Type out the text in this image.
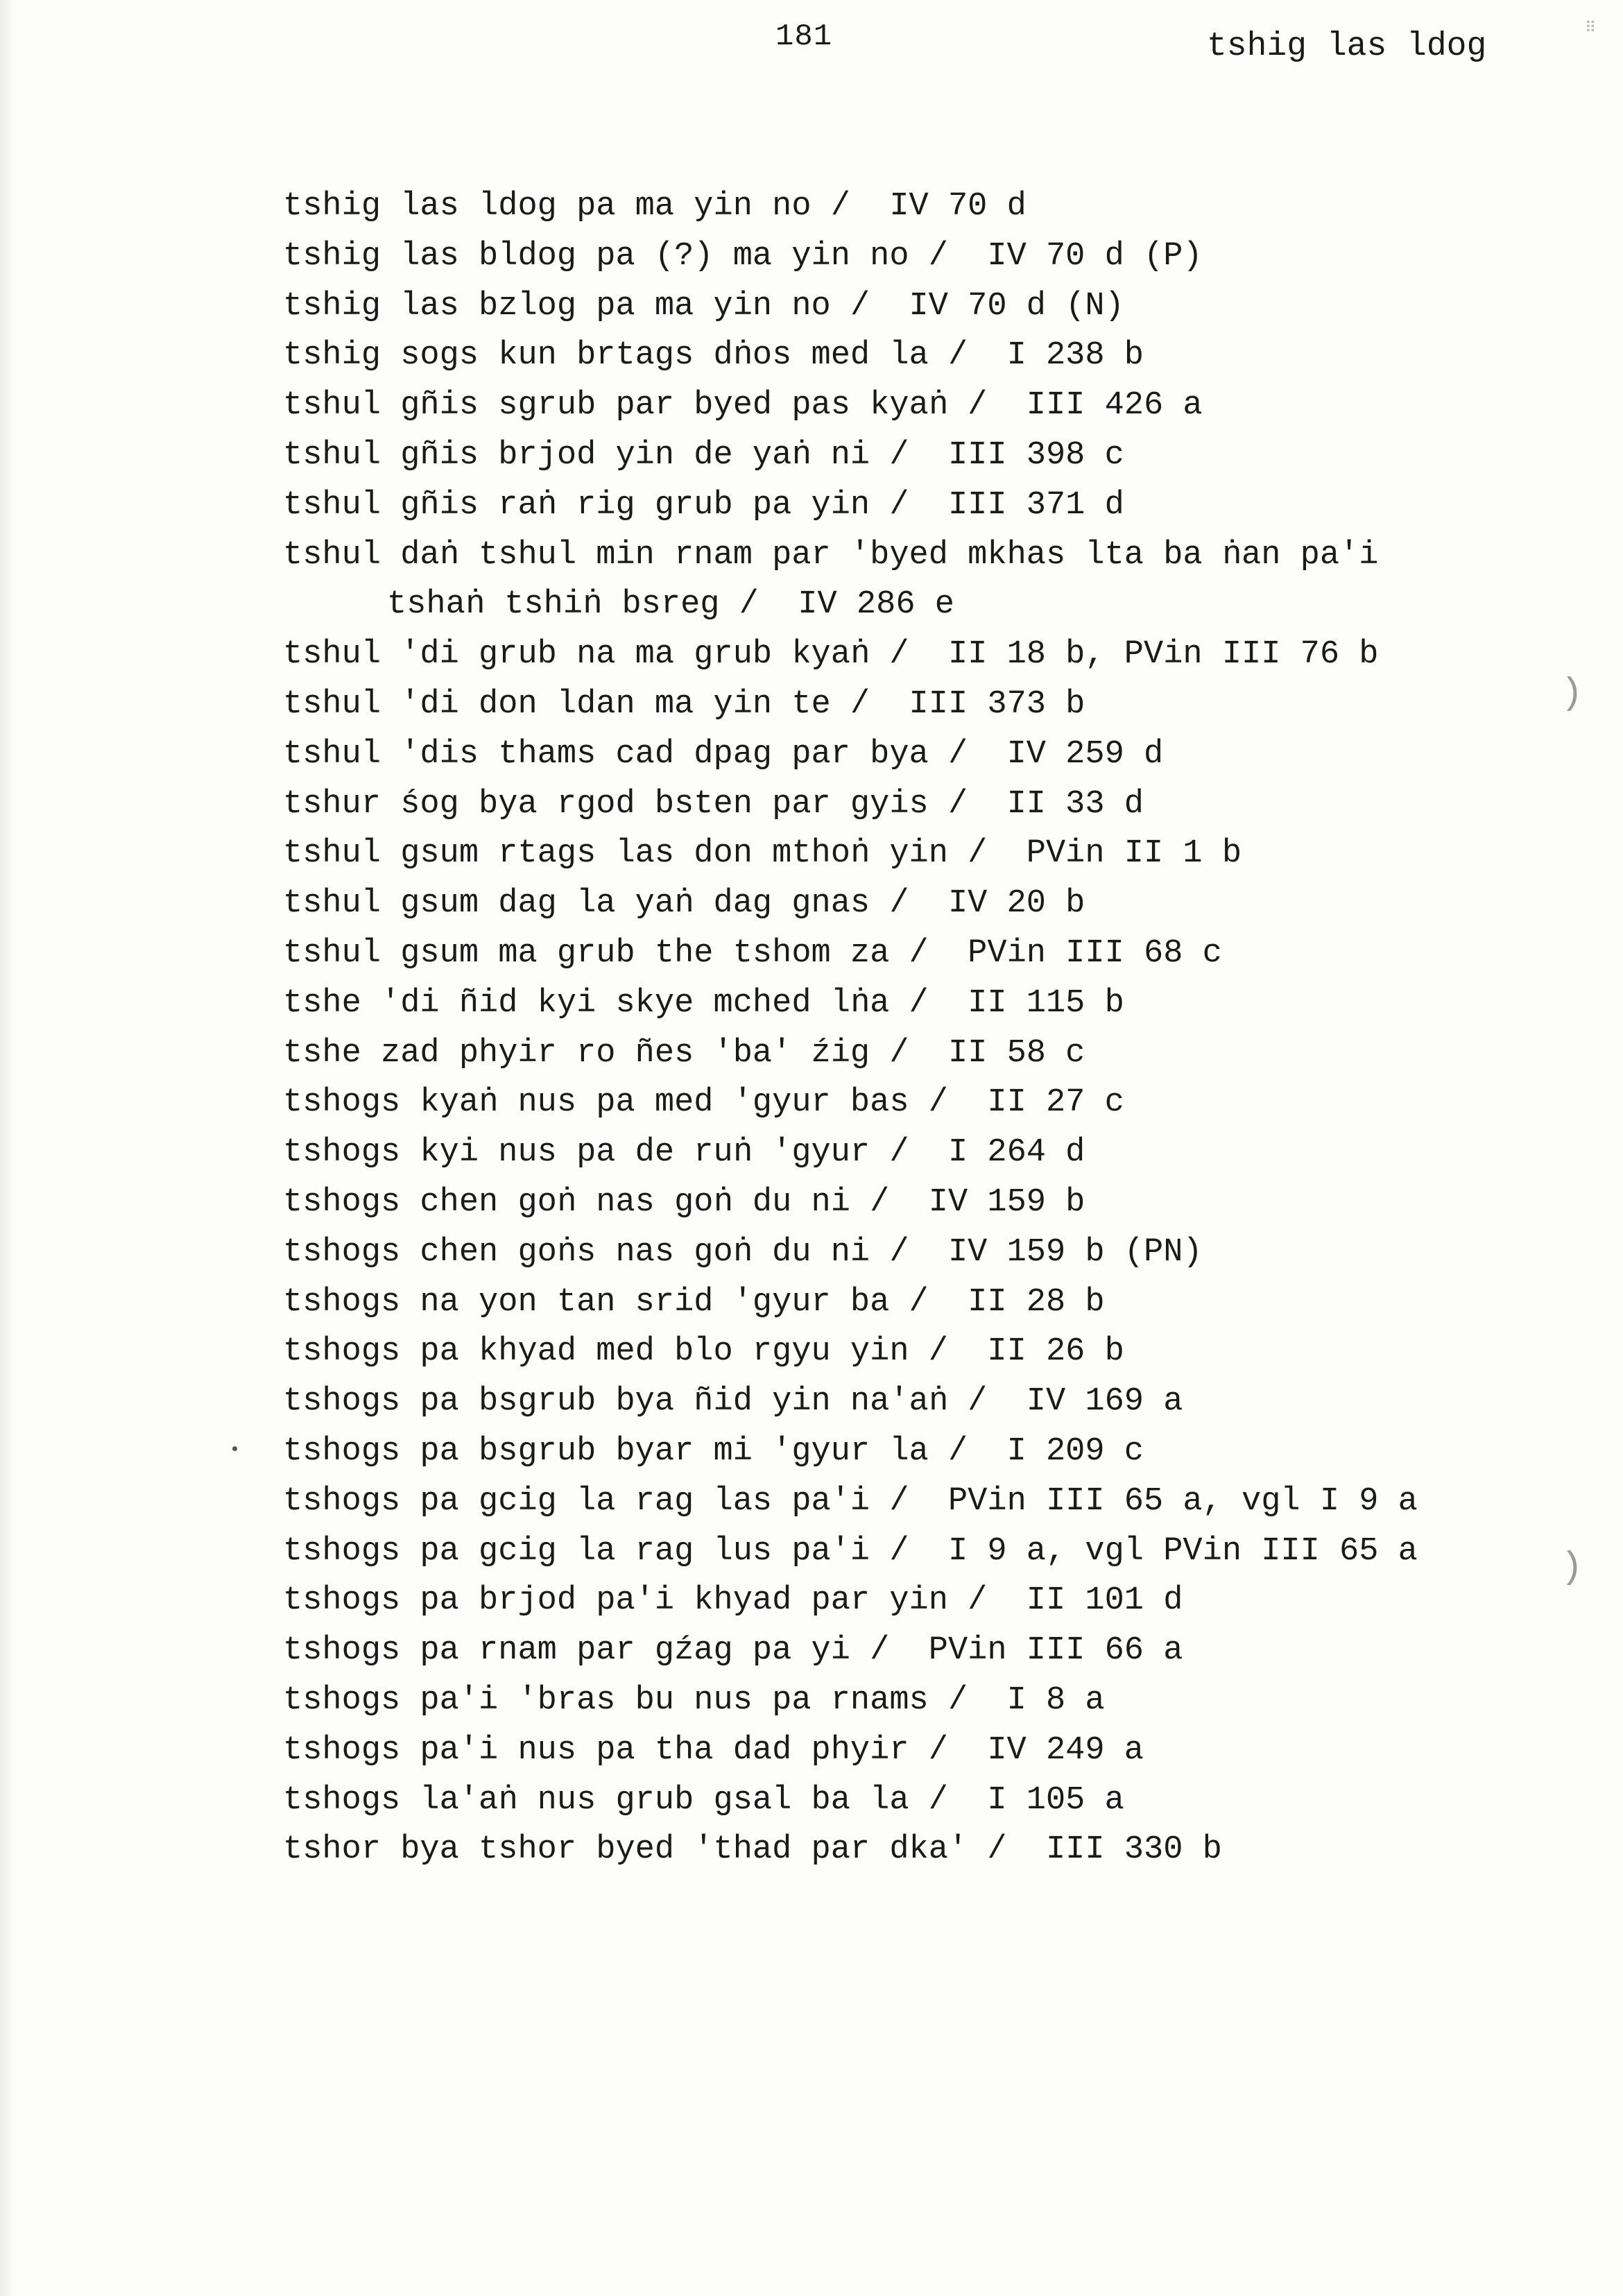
181	tshig las ldog	⠿
tshig las ldog pa ma yin no /  IV 70 d
tshig las bldog pa (?) ma yin no /  IV 70 d (P)
tshig las bzlog pa ma yin no /  IV 70 d (N)
tshig sogs kun brtags dṅos med la /  I 238 b
tshul gñis sgrub par byed pas kyaṅ /  III 426 a
tshul gñis brjod yin de yaṅ ni /  III 398 c
tshul gñis raṅ rig grub pa yin /  III 371 d
tshul daṅ tshul min rnam par 'byed mkhas lta ba ṅan pa'i
tshaṅ tshiṅ bsreg /  IV 286 e
tshul 'di grub na ma grub kyaṅ /  II 18 b, PVin III 76 b
tshul 'di don ldan ma yin te /  III 373 b
tshul 'dis thams cad dpag par bya /  IV 259 d
tshur śog bya rgod bsten par gyis /  II 33 d
tshul gsum rtags las don mthoṅ yin /  PVin II 1 b
tshul gsum dag la yaṅ dag gnas /  IV 20 b
tshul gsum ma grub the tshom za /  PVin III 68 c
tshe 'di ñid kyi skye mched lṅa /  II 115 b
tshe zad phyir ro ñes 'ba' źig /  II 58 c
tshogs kyaṅ nus pa med 'gyur bas /  II 27 c
tshogs kyi nus pa de ruṅ 'gyur /  I 264 d
tshogs chen goṅ nas goṅ du ni /  IV 159 b
tshogs chen goṅs nas goṅ du ni /  IV 159 b (PN)
tshogs na yon tan srid 'gyur ba /  II 28 b
tshogs pa khyad med blo rgyu yin /  II 26 b
tshogs pa bsgrub bya ñid yin na'aṅ /  IV 169 a
tshogs pa bsgrub byar mi 'gyur la /  I 209 c
tshogs pa gcig la rag las pa'i /  PVin III 65 a, vgl I 9 a
tshogs pa gcig la rag lus pa'i /  I 9 a, vgl PVin III 65 a
tshogs pa brjod pa'i khyad par yin /  II 101 d
tshogs pa rnam par gźag pa yi /  PVin III 66 a
tshogs pa'i 'bras bu nus pa rnams /  I 8 a
tshogs pa'i nus pa tha dad phyir /  IV 249 a
tshogs la'aṅ nus grub gsal ba la /  I 105 a
tshor bya tshor byed 'thad par dka' /  III 330 b
)
)
